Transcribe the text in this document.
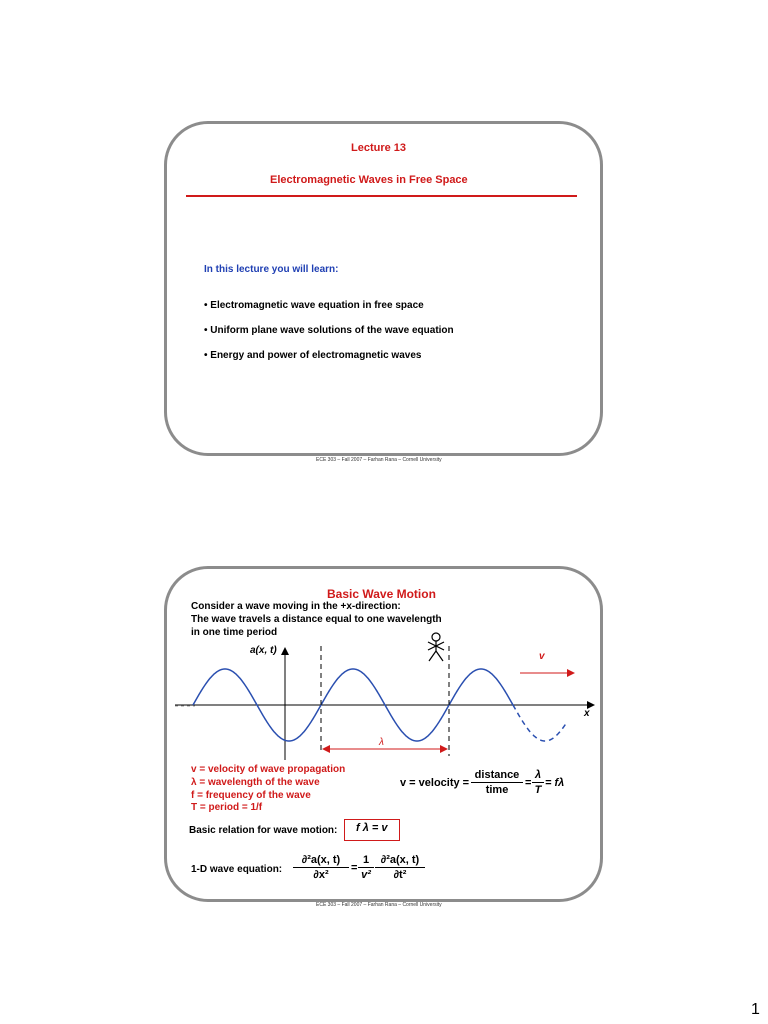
Lecture 13
Electromagnetic Waves in Free Space
In this lecture you will learn:
• Electromagnetic wave equation in free space
• Uniform plane wave solutions of the wave equation
• Energy and power of electromagnetic waves
ECE 303 – Fall 2007 – Farhan Rana – Cornell University
Basic Wave Motion
Consider a wave moving in the +x-direction:
The wave travels a distance equal to one wavelength
in one time period
a(x, t)
x
v
λ
v = velocity of wave propagation
λ = wavelength of the wave
f = frequency of the wave
T = period = 1/f
v = velocity =
distance
time
= $\frac{\lambda}{T} = f\lambda$
Basic relation for wave motion: f λ = v
1-D wave equation: $\frac{\text{∂²a(x, t)}}{\text{∂x²}} = \frac{1}{\text{v²}} \frac{\text{∂²a(x, t)}}{\text{∂t²}}$
ECE 303 – Fall 2007 – Farhan Rana – Cornell University
1
